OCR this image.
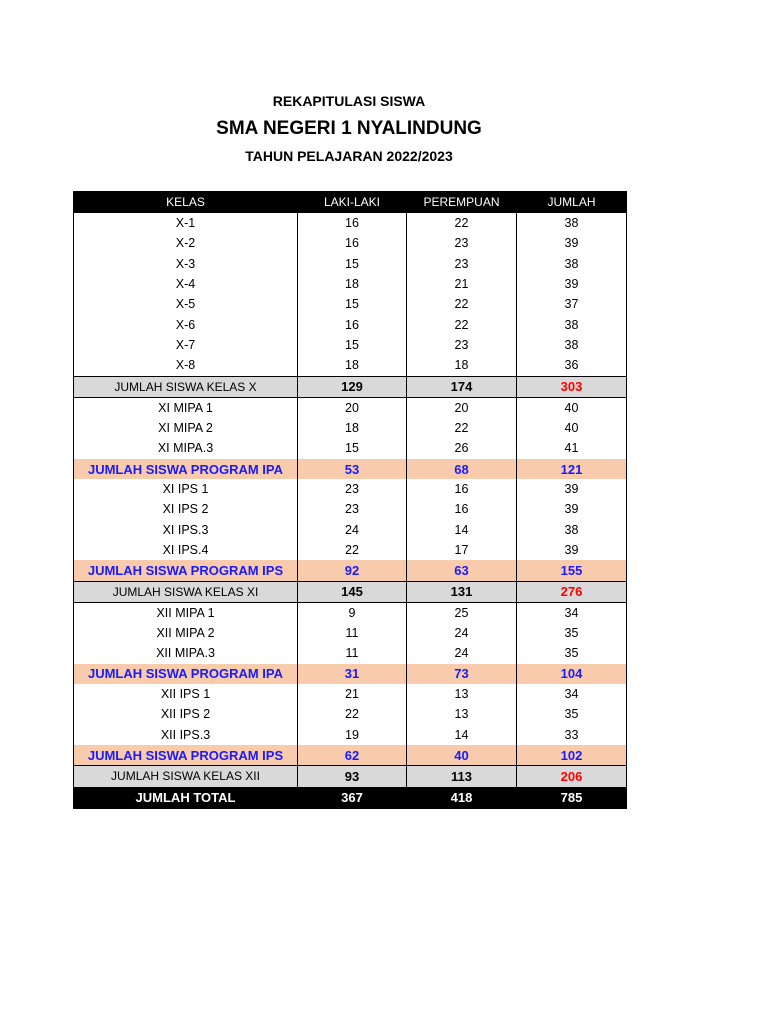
REKAPITULASI SISWA
SMA NEGERI 1 NYALINDUNG
TAHUN PELAJARAN 2022/2023
KELAS	LAKI-LAKI	PEREMPUAN	JUMLAH
X-1	16	22	38
X-2	16	23	39
X-3	15	23	38
X-4	18	21	39
X-5	15	22	37
X-6	16	22	38
X-7	15	23	38
X-8	18	18	36
JUMLAH SISWA KELAS X	129	174	303
XI MIPA 1	20	20	40
XI MIPA 2	18	22	40
XI MIPA.3	15	26	41
JUMLAH SISWA PROGRAM IPA	53	68	121
XI IPS 1	23	16	39
XI IPS 2	23	16	39
XI IPS.3	24	14	38
XI IPS.4	22	17	39
JUMLAH SISWA PROGRAM IPS	92	63	155
JUMLAH SISWA KELAS XI	145	131	276
XII MIPA 1	9	25	34
XII MIPA 2	11	24	35
XII MIPA.3	11	24	35
JUMLAH SISWA PROGRAM IPA	31	73	104
XII IPS 1	21	13	34
XII IPS 2	22	13	35
XII IPS.3	19	14	33
JUMLAH SISWA PROGRAM IPS	62	40	102
JUMLAH SISWA KELAS XII	93	113	206
JUMLAH TOTAL	367	418	785
